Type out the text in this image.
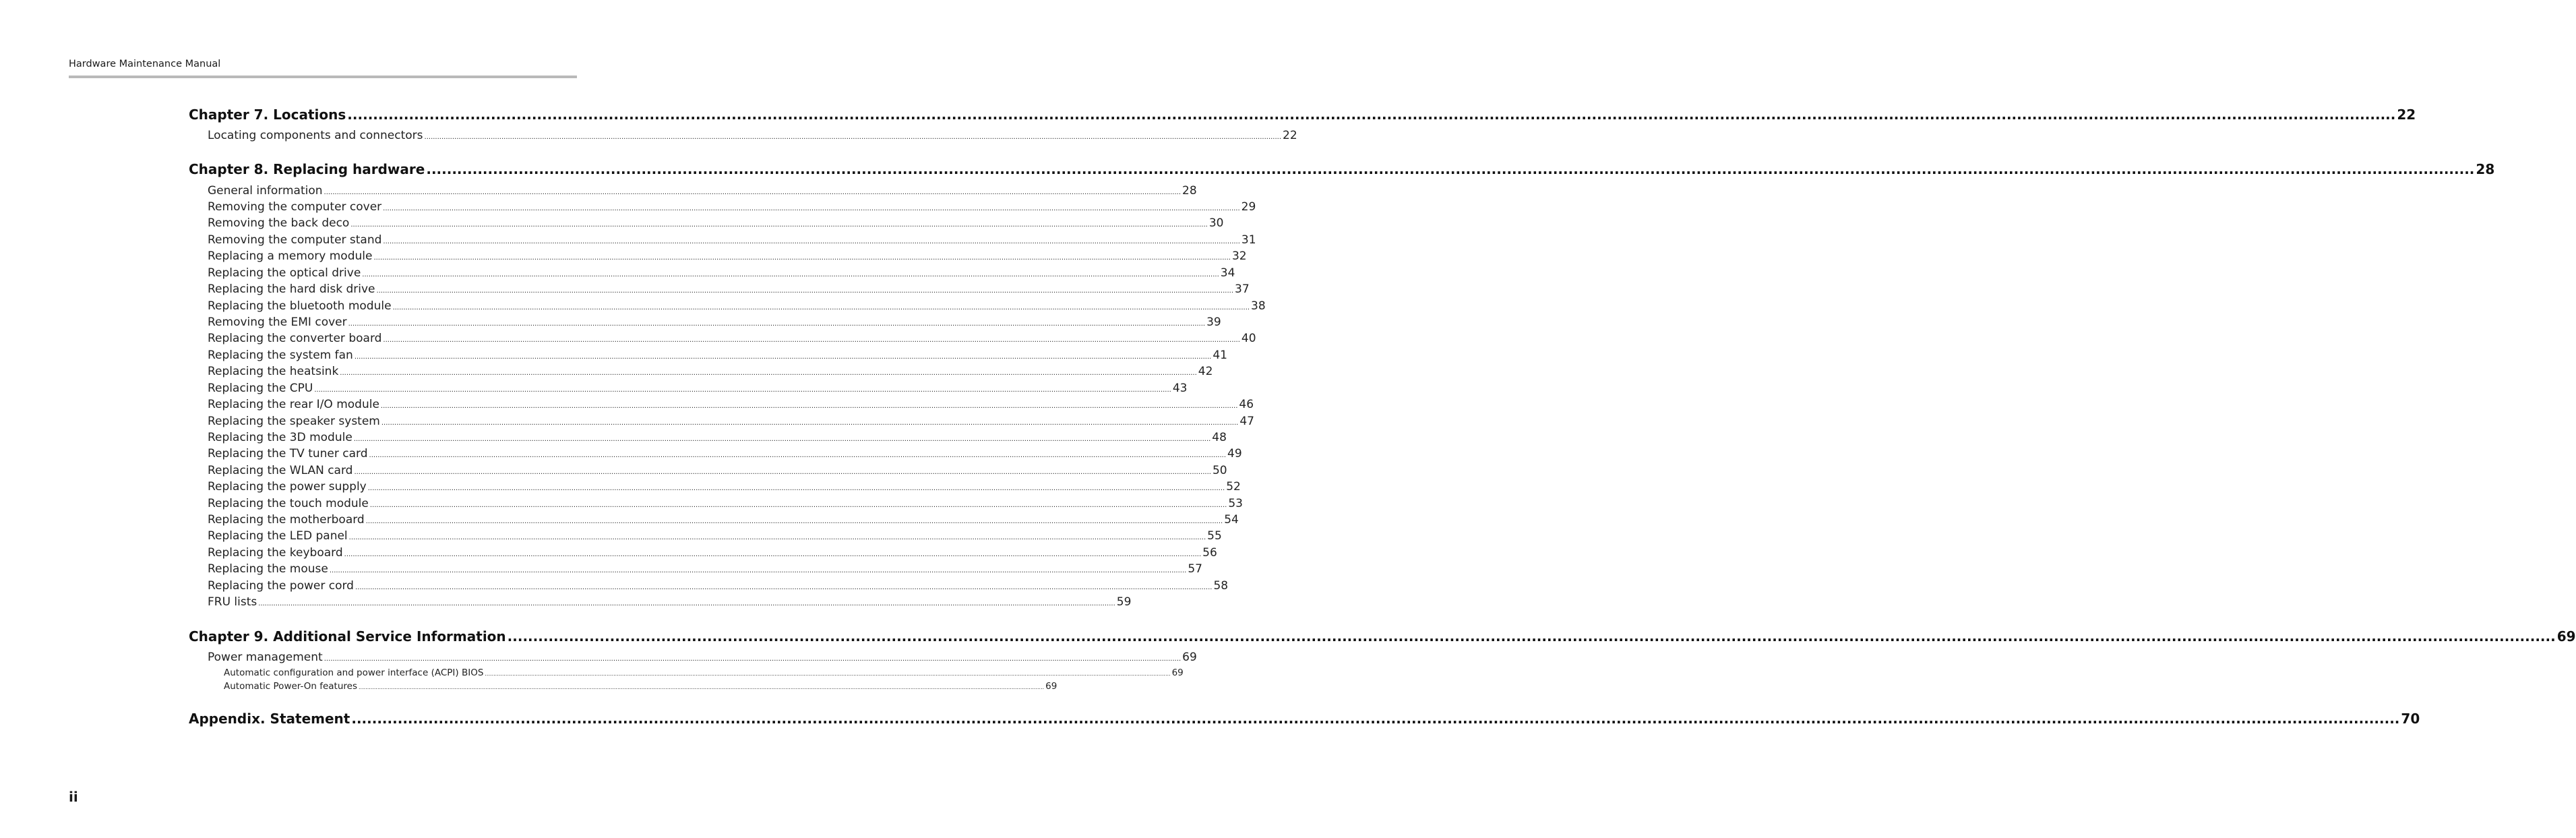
Hardware Maintenance Manual
Chapter 7. Locations ................................................................................................................................................................................................................................................................................................................................................................................................................ 22
Locating components and connectors ................................................................................................................................................................................................................................................................................................................................................................................................................ 22
Chapter 8. Replacing hardware ................................................................................................................................................................................................................................................................................................................................................................................................................ 28
General information ................................................................................................................................................................................................................................................................................................................................................................................................................ 28
Removing the computer cover ................................................................................................................................................................................................................................................................................................................................................................................................................ 29
Removing the back deco ................................................................................................................................................................................................................................................................................................................................................................................................................ 30
Removing the computer stand ................................................................................................................................................................................................................................................................................................................................................................................................................ 31
Replacing a memory module ................................................................................................................................................................................................................................................................................................................................................................................................................ 32
Replacing the optical drive ................................................................................................................................................................................................................................................................................................................................................................................................................ 34
Replacing the hard disk drive ................................................................................................................................................................................................................................................................................................................................................................................................................ 37
Replacing the bluetooth module ................................................................................................................................................................................................................................................................................................................................................................................................................ 38
Removing the EMI cover ................................................................................................................................................................................................................................................................................................................................................................................................................ 39
Replacing the converter board ................................................................................................................................................................................................................................................................................................................................................................................................................ 40
Replacing the system fan ................................................................................................................................................................................................................................................................................................................................................................................................................ 41
Replacing the heatsink ................................................................................................................................................................................................................................................................................................................................................................................................................ 42
Replacing the CPU ................................................................................................................................................................................................................................................................................................................................................................................................................ 43
Replacing the rear I/O module ................................................................................................................................................................................................................................................................................................................................................................................................................ 46
Replacing the speaker system ................................................................................................................................................................................................................................................................................................................................................................................................................ 47
Replacing the 3D module ................................................................................................................................................................................................................................................................................................................................................................................................................ 48
Replacing the TV tuner card ................................................................................................................................................................................................................................................................................................................................................................................................................ 49
Replacing the WLAN card ................................................................................................................................................................................................................................................................................................................................................................................................................ 50
Replacing the power supply ................................................................................................................................................................................................................................................................................................................................................................................................................ 52
Replacing the touch module ................................................................................................................................................................................................................................................................................................................................................................................................................ 53
Replacing the motherboard ................................................................................................................................................................................................................................................................................................................................................................................................................ 54
Replacing the LED panel ................................................................................................................................................................................................................................................................................................................................................................................................................ 55
Replacing the keyboard ................................................................................................................................................................................................................................................................................................................................................................................................................ 56
Replacing the mouse ................................................................................................................................................................................................................................................................................................................................................................................................................ 57
Replacing the power cord ................................................................................................................................................................................................................................................................................................................................................................................................................ 58
FRU lists ................................................................................................................................................................................................................................................................................................................................................................................................................ 59
Chapter 9. Additional Service Information ................................................................................................................................................................................................................................................................................................................................................................................................................ 69
Power management ................................................................................................................................................................................................................................................................................................................................................................................................................ 69
Automatic configuration and power interface (ACPI) BIOS ................................................................................................................................................................................................................................................................................................................................................................................................................ 69
Automatic Power-On features ................................................................................................................................................................................................................................................................................................................................................................................................................ 69
Appendix. Statement ................................................................................................................................................................................................................................................................................................................................................................................................................ 70
ii
